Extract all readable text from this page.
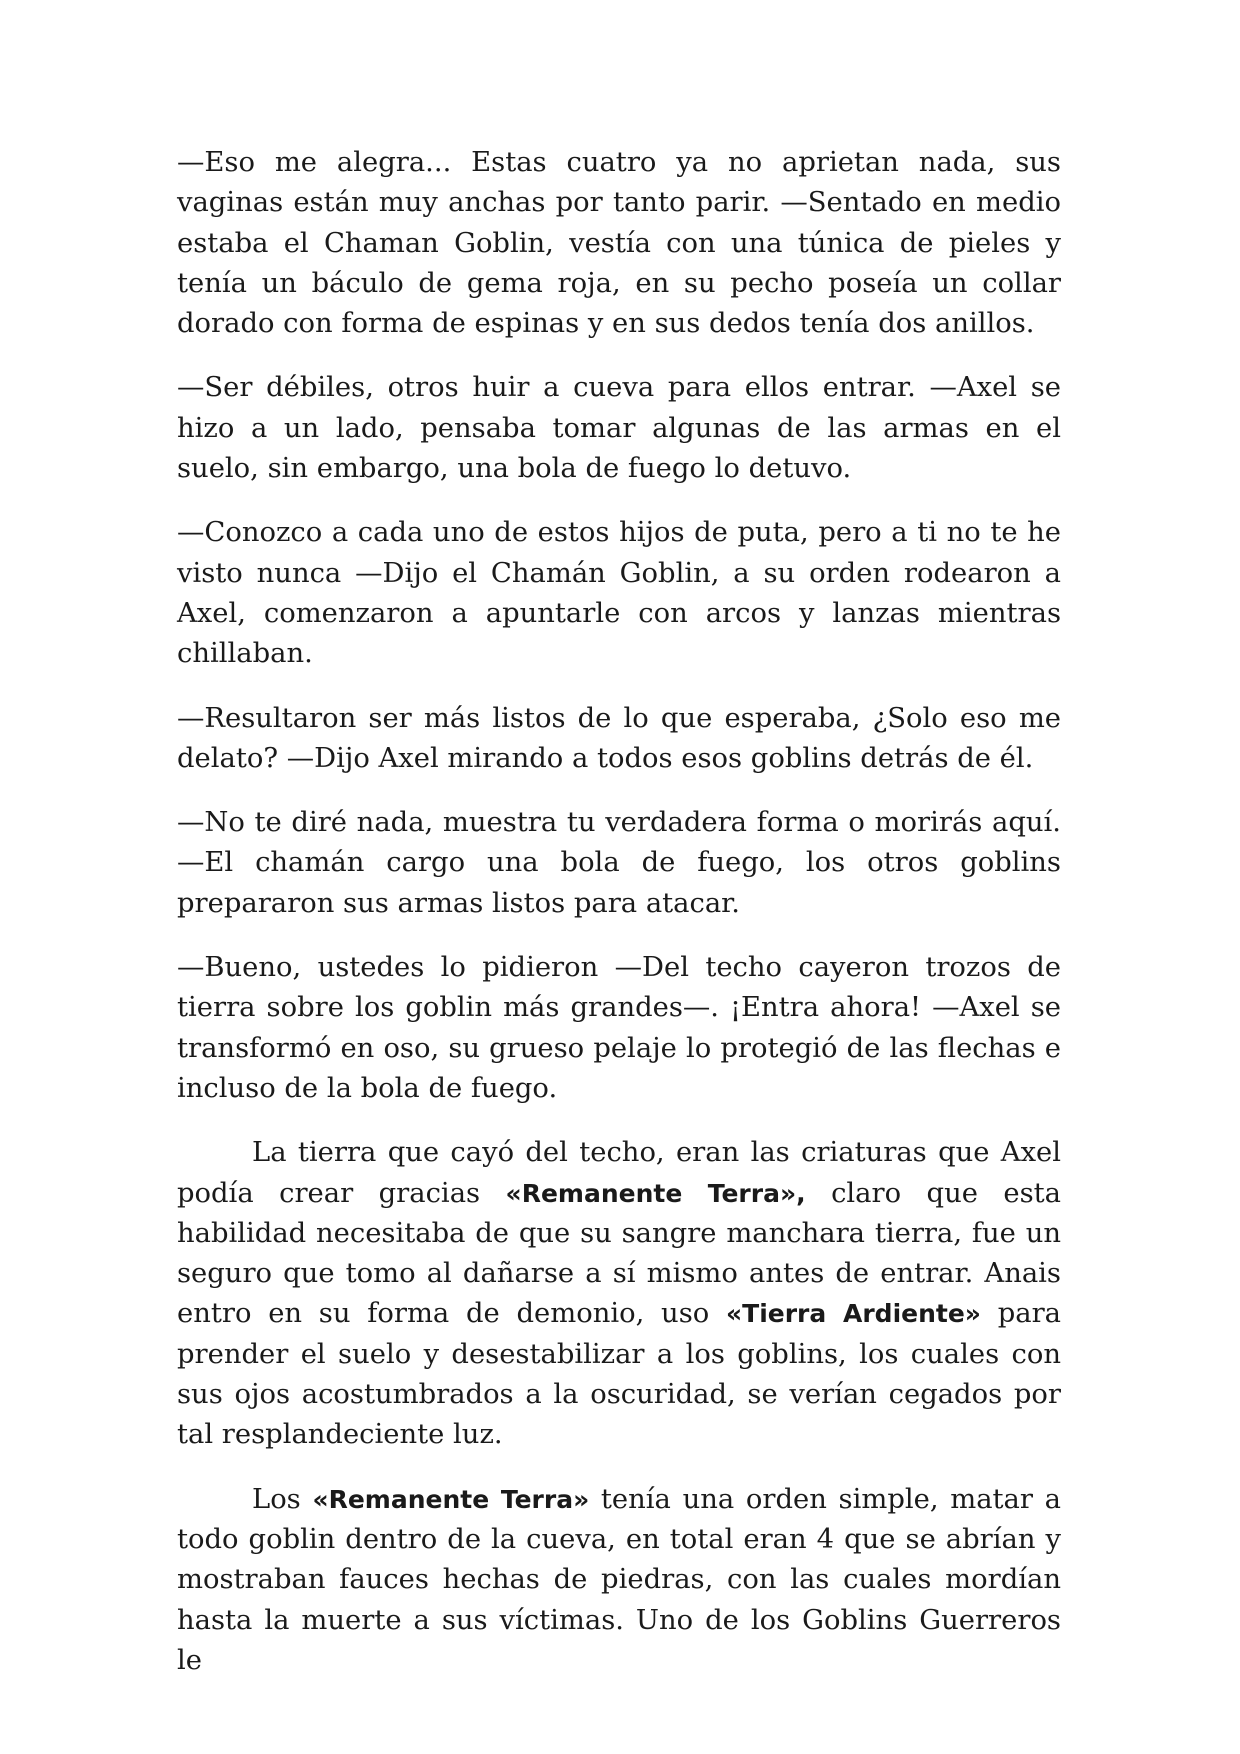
—Eso me alegra... Estas cuatro ya no aprietan nada, sus vaginas están muy anchas por tanto parir. —Sentado en medio estaba el Chaman Goblin, vestía con una túnica de pieles y tenía un báculo de gema roja, en su pecho poseía un collar dorado con forma de espinas y en sus dedos tenía dos anillos.

—Ser débiles, otros huir a cueva para ellos entrar. —Axel se hizo a un lado, pensaba tomar algunas de las armas en el suelo, sin embargo, una bola de fuego lo detuvo.

—Conozco a cada uno de estos hijos de puta, pero a ti no te he visto nunca —Dijo el Chamán Goblin, a su orden rodearon a Axel, comenzaron a apuntarle con arcos y lanzas mientras chillaban.

—Resultaron ser más listos de lo que esperaba, ¿Solo eso me delato? —Dijo Axel mirando a todos esos goblins detrás de él.

—No te diré nada, muestra tu verdadera forma o morirás aquí. —El chamán cargo una bola de fuego, los otros goblins prepararon sus armas listos para atacar.

—Bueno, ustedes lo pidieron —Del techo cayeron trozos de tierra sobre los goblin más grandes—. ¡Entra ahora! —Axel se transformó en oso, su grueso pelaje lo protegió de las flechas e incluso de la bola de fuego.

La tierra que cayó del techo, eran las criaturas que Axel podía crear gracias «Remanente Terra», claro que esta habilidad necesitaba de que su sangre manchara tierra, fue un seguro que tomo al dañarse a sí mismo antes de entrar. Anais entro en su forma de demonio, uso «Tierra Ardiente» para prender el suelo y desestabilizar a los goblins, los cuales con sus ojos acostumbrados a la oscuridad, se verían cegados por tal resplandeciente luz.

Los «Remanente Terra» tenía una orden simple, matar a todo goblin dentro de la cueva, en total eran 4 que se abrían y mostraban fauces hechas de piedras, con las cuales mordían hasta la muerte a sus víctimas. Uno de los Goblins Guerreros le
